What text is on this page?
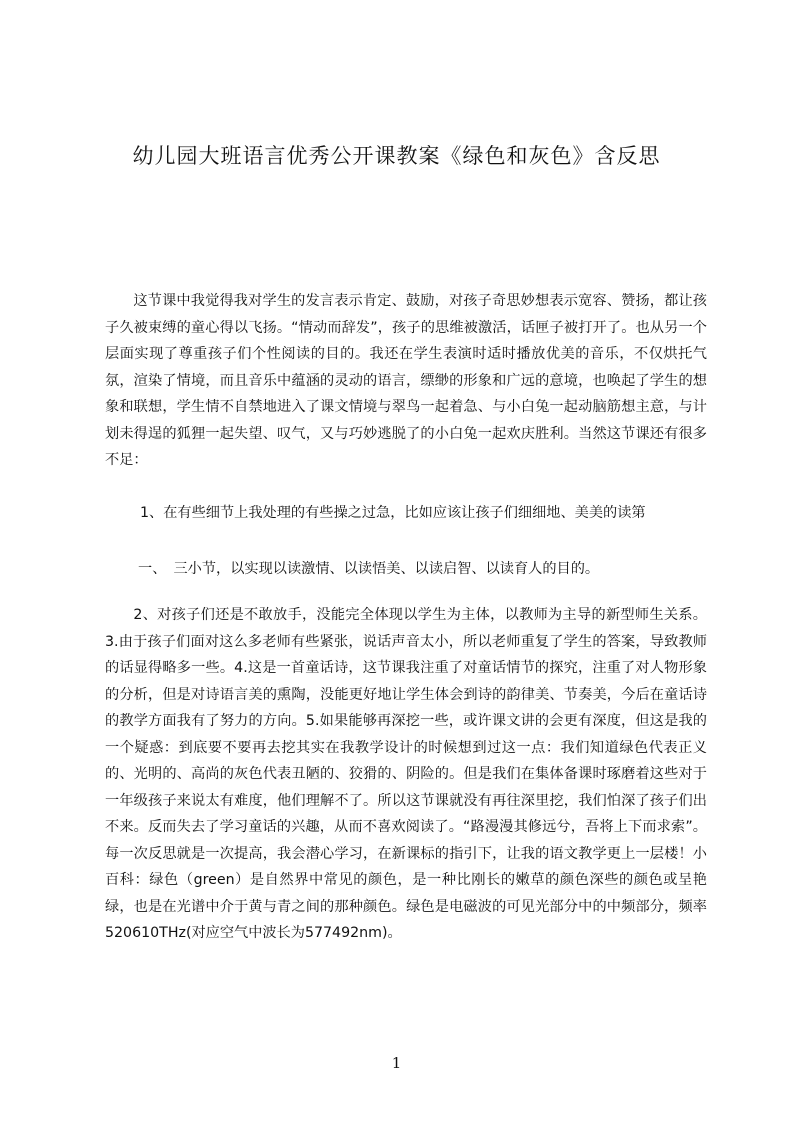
幼儿园大班语言优秀公开课教案《绿色和灰色》含反思

这节课中我觉得我对学生的发言表示肯定、鼓励，对孩子奇思妙想表示宽容、赞扬，都让孩子久被束缚的童心得以飞扬。“情动而辞发”，孩子的思维被激活，话匣子被打开了。也从另一个层面实现了尊重孩子们个性阅读的目的。我还在学生表演时适时播放优美的音乐，不仅烘托气氛，渲染了情境，而且音乐中蕴涵的灵动的语言，缥缈的形象和广远的意境，也唤起了学生的想象和联想，学生情不自禁地进入了课文情境与翠鸟一起着急、与小白兔一起动脑筋想主意，与计划未得逞的狐狸一起失望、叹气，又与巧妙逃脱了的小白兔一起欢庆胜利。当然这节课还有很多不足：

1、在有些细节上我处理的有些操之过急，比如应该让孩子们细细地、美美的读第

一、　三小节，以实现以读激情、以读悟美、以读启智、以读育人的目的。

2、对孩子们还是不敢放手，没能完全体现以学生为主体，以教师为主导的新型师生关系。3.由于孩子们面对这么多老师有些紧张，说话声音太小，所以老师重复了学生的答案，导致教师的话显得略多一些。4.这是一首童话诗，这节课我注重了对童话情节的探究，注重了对人物形象的分析，但是对诗语言美的熏陶，没能更好地让学生体会到诗的韵律美、节奏美，今后在童话诗的教学方面我有了努力的方向。5.如果能够再深挖一些，或许课文讲的会更有深度，但这是我的一个疑惑：到底要不要再去挖其实在我教学设计的时候想到过这一点：我们知道绿色代表正义的、光明的、高尚的灰色代表丑陋的、狡猾的、阴险的。但是我们在集体备课时琢磨着这些对于一年级孩子来说太有难度，他们理解不了。所以这节课就没有再往深里挖，我们怕深了孩子们出不来。反而失去了学习童话的兴趣，从而不喜欢阅读了。“路漫漫其修远兮，吾将上下而求索”。每一次反思就是一次提高，我会潜心学习，在新课标的指引下，让我的语文教学更上一层楼！小百科：绿色（green）是自然界中常见的颜色，是一种比刚长的嫩草的颜色深些的颜色或呈艳绿，也是在光谱中介于黄与青之间的那种颜色。绿色是电磁波的可见光部分中的中频部分，频率520610THz(对应空气中波长为577492nm)。

1
